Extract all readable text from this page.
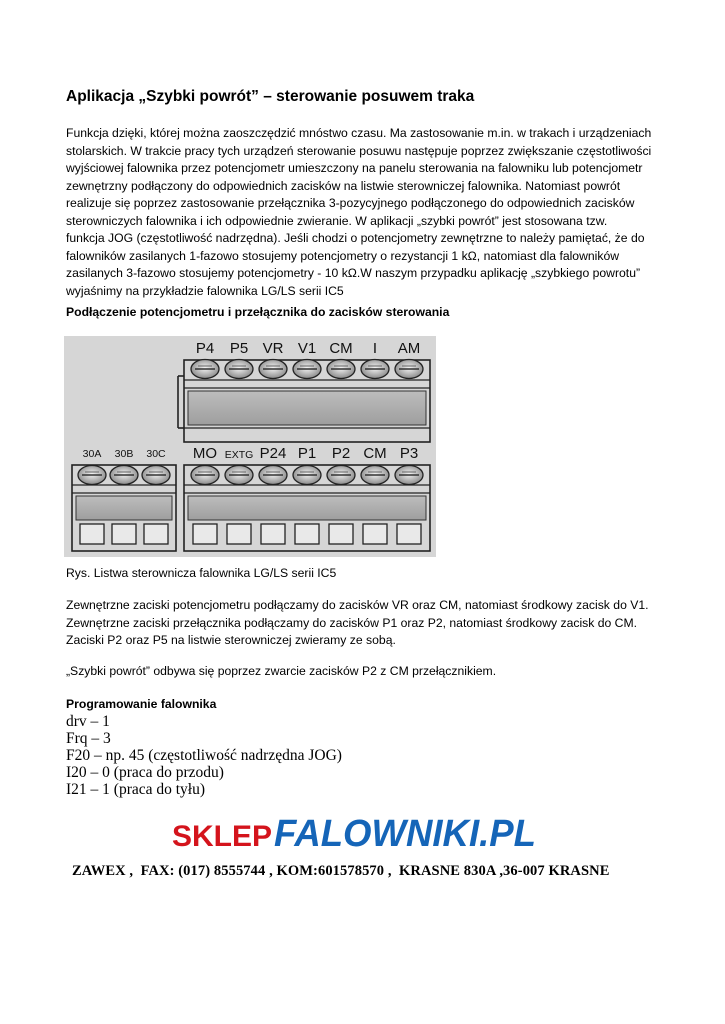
Aplikacja „Szybki powrót” – sterowanie posuwem traka
Funkcja dzięki, której można zaoszczędzić mnóstwo czasu. Ma zastosowanie m.in. w trakach i urządzeniach
stolarskich. W trakcie pracy tych urządzeń sterowanie posuwu następuje poprzez zwiększanie częstotliwości
wyjściowej falownika przez potencjometr umieszczony na panelu sterowania na falowniku lub potencjometr
zewnętrzny podłączony do odpowiednich zacisków na listwie sterowniczej falownika. Natomiast powrót
realizuje się poprzez zastosowanie przełącznika 3-pozycyjnego podłączonego do odpowiednich zacisków
sterowniczych falownika i ich odpowiednie zwieranie. W aplikacji „szybki powrót” jest stosowana tzw.
funkcja JOG (częstotliwość nadrzędna). Jeśli chodzi o potencjometry zewnętrzne to należy pamiętać, że do
falowników zasilanych 1-fazowo stosujemy potencjometry o rezystancji 1 kΩ, natomiast dla falowników
zasilanych 3-fazowo stosujemy potencjometry - 10 kΩ.W naszym przypadku aplikację „szybkiego powrotu”
wyjaśnimy na przykładzie falownika LG/LS serii IC5
Podłączenie potencjometru i przełącznika do zacisków sterowania
P4 P5 VR V1 CM I AM
30A 30B 30C MO EXTG P24 P1 P2 CM P3
Rys. Listwa sterownicza falownika LG/LS serii IC5
Zewnętrzne zaciski potencjometru podłączamy do zacisków VR oraz CM, natomiast środkowy zacisk do V1.
Zewnętrzne zaciski przełącznika podłączamy do zacisków P1 oraz P2, natomiast środkowy zacisk do CM.
Zaciski P2 oraz P5 na listwie sterowniczej zwieramy ze sobą.
„Szybki powrót” odbywa się poprzez zwarcie zacisków P2 z CM przełącznikiem.
Programowanie falownika
drv – 1
Frq – 3
F20 – np. 45 (częstotliwość nadrzędna JOG)
I20 – 0 (praca do przodu)
I21 – 1 (praca do tyłu)
SKLEP FALOWNIKI.PL
ZAWEX ,  FAX: (017) 8555744 , KOM:601578570 ,  KRASNE 830A ,36-007 KRASNE
